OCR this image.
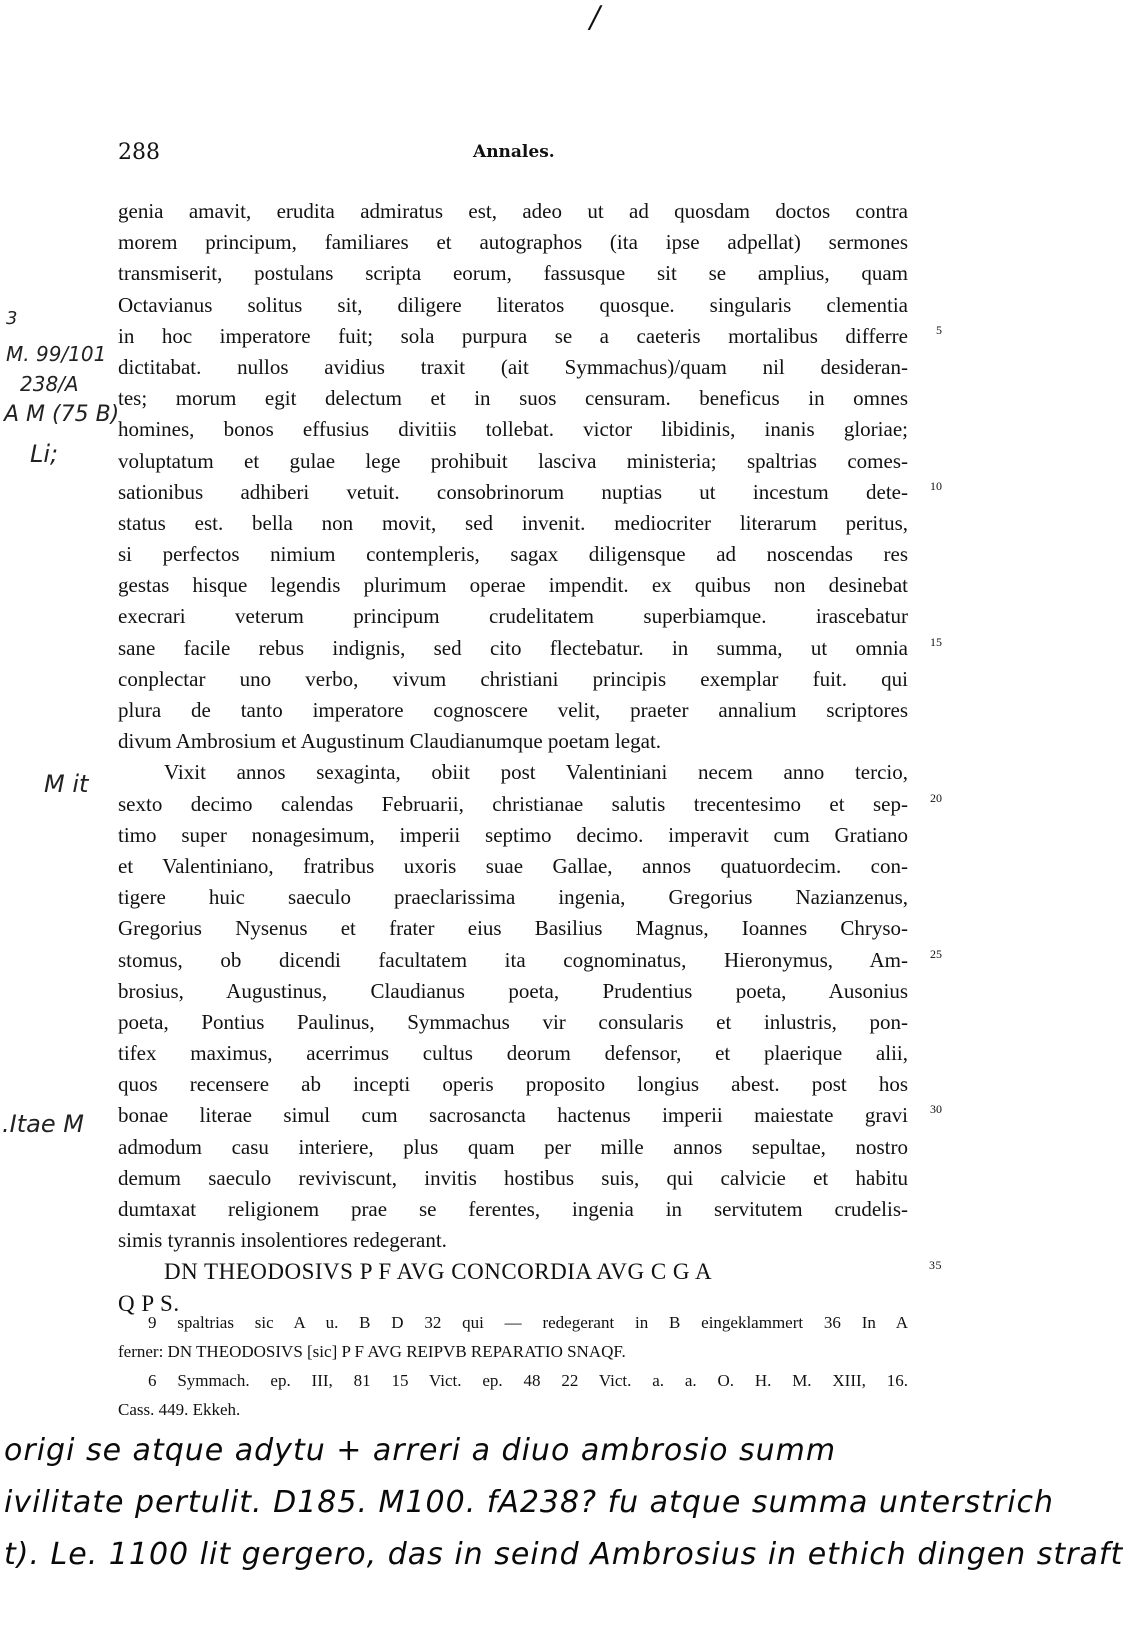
/
288	Annales.
genia amavit, erudita admiratus est, adeo ut ad quosdam doctos contra
morem principum, familiares et autographos (ita ipse adpellat) sermones
transmiserit, postulans scripta eorum, fassusque sit se amplius, quam
Octavianus solitus sit, diligere literatos quosque. singularis clementia
in hoc imperatore fuit; sola purpura se a caeteris mortalibus differre 5
dictitabat. nullos avidius traxit (ait Symmachus)/quam nil desideran-
tes; morum egit delectum et in suos censuram. beneficus in omnes
homines, bonos effusius divitiis tollebat. victor libidinis, inanis gloriae;
voluptatum et gulae lege prohibuit lasciva ministeria; spaltrias comes-
sationibus adhiberi vetuit. consobrinorum nuptias ut incestum dete- 10
status est. bella non movit, sed invenit. mediocriter literarum peritus,
si perfectos nimium contempleris, sagax diligensque ad noscendas res
gestas hisque legendis plurimum operae impendit. ex quibus non desinebat
execrari veterum principum crudelitatem superbiamque. irascebatur
sane facile rebus indignis, sed cito flectebatur. in summa, ut omnia 15
conplectar uno verbo, vivum christiani principis exemplar fuit. qui
plura de tanto imperatore cognoscere velit, praeter annalium scriptores
divum Ambrosium et Augustinum Claudianumque poetam legat.
Vixit annos sexaginta, obiit post Valentiniani necem anno tercio,
sexto decimo calendas Februarii, christianae salutis trecentesimo et sep- 20
timo super nonagesimum, imperii septimo decimo. imperavit cum Gratiano
et Valentiniano, fratribus uxoris suae Gallae, annos quatuordecim. con-
tigere huic saeculo praeclarissima ingenia, Gregorius Nazianzenus,
Gregorius Nysenus et frater eius Basilius Magnus, Ioannes Chryso-
stomus, ob dicendi facultatem ita cognominatus, Hieronymus, Am- 25
brosius, Augustinus, Claudianus poeta, Prudentius poeta, Ausonius
poeta, Pontius Paulinus, Symmachus vir consularis et inlustris, pon-
tifex maximus, acerrimus cultus deorum defensor, et plaerique alii,
quos recensere ab incepti operis proposito longius abest. post hos
bonae literae simul cum sacrosancta hactenus imperii maiestate gravi 30
admodum casu interiere, plus quam per mille annos sepultae, nostro
demum saeculo reviviscunt, invitis hostibus suis, qui calvicie et habitu
dumtaxat religionem prae se ferentes, ingenia in servitutem crudelis-
simis tyrannis insolentiores redegerant.
DN THEODOSIVS P F AVG CONCORDIA AVG C G A	35
Q P S.
9 spaltrias sic A u. B D 32 qui — redegerant in B eingeklammert 36 In A
ferner: DN THEODOSIVS [sic] P F AVG REIPVB REPARATIO SNAQF.
6 Symmach. ep. III, 81 15 Vict. ep. 48 22 Vict. a. a. O. H. M. XIII, 16.
Cass. 449. Ekkeh.
3
M. 99/101
238/A
A M (75 B)
Li;
M it
.Itae M
origi se atque adytu + arreri a diuo ambrosio summ
ivilitate pertulit. D185. M100. fA238? fu atque summa unterstrich
t). Le. 1100 lit gergero, das in seind Ambrosius in ethich dingen straft
